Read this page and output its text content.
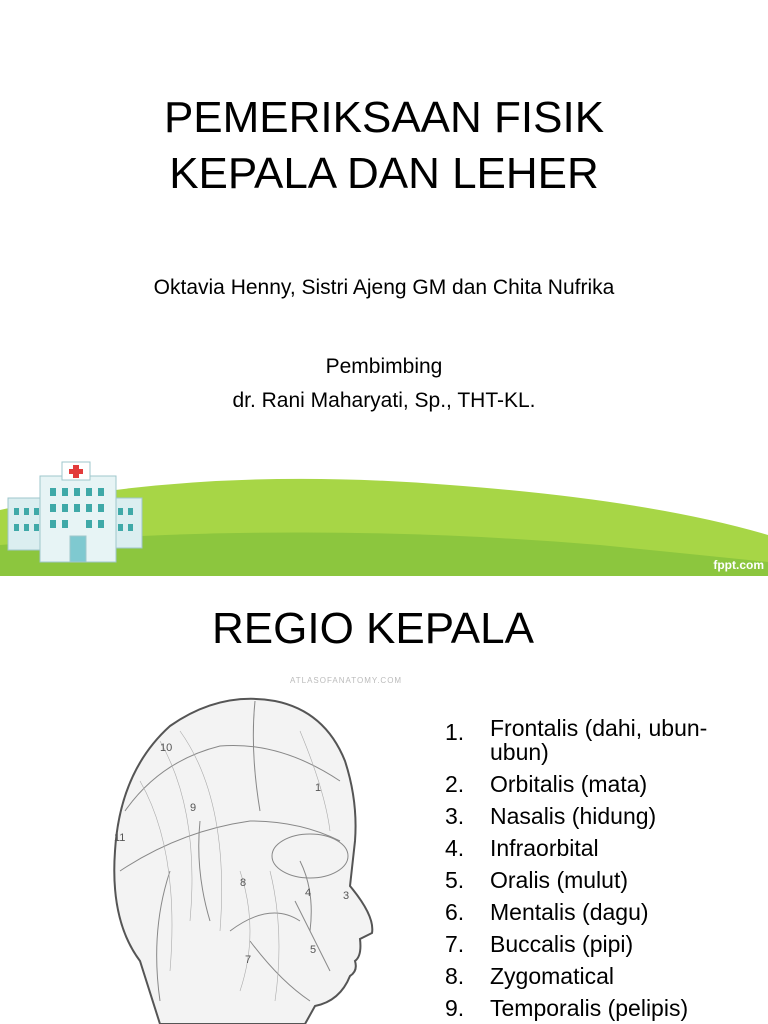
PEMERIKSAAN FISIK
KEPALA DAN LEHER
Oktavia Henny, Sistri Ajeng GM dan Chita Nufrika
Pembimbing
dr. Rani Maharyati, Sp., THT-KL.
fppt.com
REGIO KEPALA
10
9
1
11
8
4	3
7
5
ATLASOFANATOMY.COM
1.	Frontalis (dahi, ubun-ubun)
2.	Orbitalis (mata)
3.	Nasalis (hidung)
4.	Infraorbital
5.	Oralis (mulut)
6.	Mentalis (dagu)
7.	Buccalis (pipi)
8.	Zygomatical
9.	Temporalis (pelipis)
